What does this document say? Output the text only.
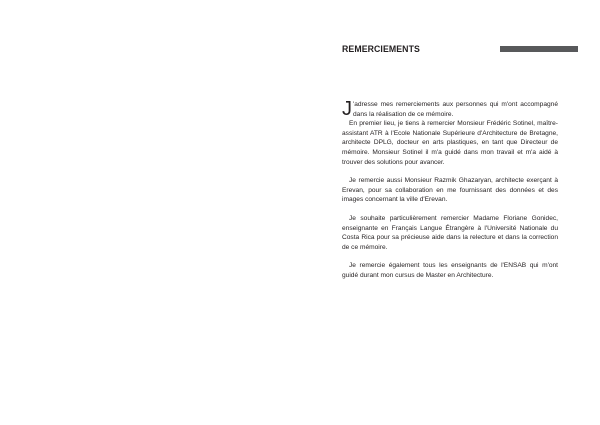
REMERCIEMENTS

J 'adresse mes remerciements aux personnes qui m'ont accompagné dans la réalisation de ce mémoire.

En premier lieu, je tiens à remercier Monsieur Frédéric Sotinel, maître-assistant ATR à l'Ecole Nationale Supérieure d'Architecture de Bretagne, architecte DPLG, docteur en arts plastiques, en tant que Directeur de mémoire. Monsieur Sotinel il m'a guidé dans mon travail et m'a aidé à trouver des solutions pour avancer.

Je remercie aussi Monsieur Razmik Ghazaryan, architecte exerçant à Erevan, pour sa collaboration en me fournissant des données et des images concernant la ville d'Erevan.

Je souhaite particulièrement remercier Madame Floriane Gonidec, enseignante en Français Langue Étrangère à l'Université Nationale du Costa Rica pour sa précieuse aide dans la relecture et dans la correction de ce mémoire.

Je remercie également tous les enseignants de l'ENSAB qui m'ont guidé durant mon cursus de Master en Architecture.
